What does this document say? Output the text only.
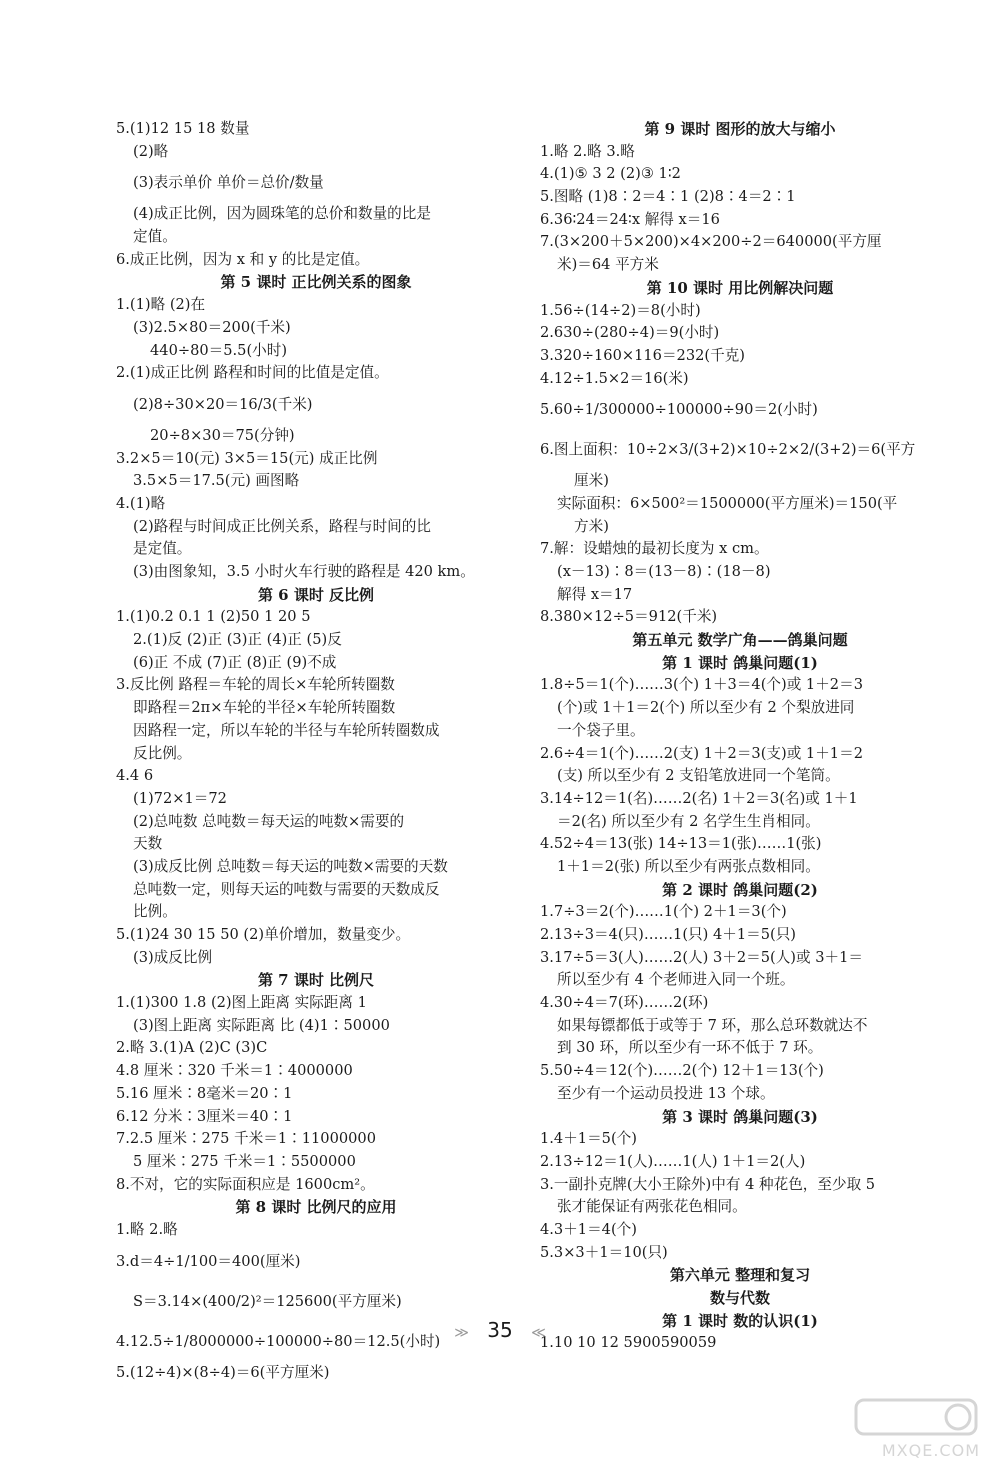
5.(1)12 15 18 数量
(2)略
(3)表示单价 单价＝总价/数量
(4)成正比例，因为圆珠笔的总价和数量的比是
定值。
6.成正比例，因为 x 和 y 的比是定值。
第 5 课时 正比例关系的图象
1.(1)略 (2)在
(3)2.5×80＝200(千米)
440÷80＝5.5(小时)
2.(1)成正比例 路程和时间的比值是定值。
(2)8÷30×20＝16/3(千米)
20÷8×30＝75(分钟)
3.2×5＝10(元) 3×5＝15(元) 成正比例
3.5×5＝17.5(元) 画图略
4.(1)略
(2)路程与时间成正比例关系，路程与时间的比
是定值。
(3)由图象知，3.5 小时火车行驶的路程是 420 km。
第 6 课时 反比例
1.(1)0.2 0.1 1 (2)50 1 20 5
2.(1)反 (2)正 (3)正 (4)正 (5)反
(6)正 不成 (7)正 (8)正 (9)不成
3.反比例 路程＝车轮的周长×车轮所转圈数
即路程＝2π×车轮的半径×车轮所转圈数
因路程一定，所以车轮的半径与车轮所转圈数成
反比例。
4.4 6
(1)72×1＝72
(2)总吨数 总吨数＝每天运的吨数×需要的
天数
(3)成反比例 总吨数＝每天运的吨数×需要的天数
总吨数一定，则每天运的吨数与需要的天数成反
比例。
5.(1)24 30 15 50 (2)单价增加，数量变少。
(3)成反比例
第 7 课时 比例尺
1.(1)300 1.8 (2)图上距离 实际距离 1
(3)图上距离 实际距离 比 (4)1∶50000
2.略 3.(1)A (2)C (3)C
4.8 厘米∶320 千米＝1∶4000000
5.16 厘米∶8毫米＝20∶1
6.12 分米∶3厘米＝40∶1
7.2.5 厘米∶275 千米＝1∶11000000
5 厘米∶275 千米＝1∶5500000
8.不对，它的实际面积应是 1600cm²。
第 8 课时 比例尺的应用
1.略 2.略
3.d＝4÷1/100＝400(厘米)
S＝3.14×(400/2)²＝125600(平方厘米)
4.12.5÷1/8000000÷100000÷80＝12.5(小时)
5.(12÷4)×(8÷4)＝6(平方厘米)
第 9 课时 图形的放大与缩小
1.略 2.略 3.略
4.(1)⑤ 3 2 (2)③ 1∶2
5.图略 (1)8∶2＝4∶1 (2)8∶4＝2∶1
6.36∶24＝24∶x 解得 x＝16
7.(3×200＋5×200)×4×200÷2＝640000(平方厘
米)＝64 平方米
第 10 课时 用比例解决问题
1.56÷(14÷2)＝8(小时)
2.630÷(280÷4)＝9(小时)
3.320÷160×116＝232(千克)
4.12÷1.5×2＝16(米)
5.60÷1/300000÷100000÷90＝2(小时)
6.图上面积：10÷2×3/(3+2)×10÷2×2/(3+2)＝6(平方
厘米)
实际面积：6×500²＝1500000(平方厘米)＝150(平
方米)
7.解：设蜡烛的最初长度为 x cm。
(x－13)∶8＝(13－8)∶(18－8)
解得 x＝17
8.380×12÷5＝912(千米)
第五单元 数学广角——鸽巢问题
第 1 课时 鸽巢问题(1)
1.8÷5＝1(个)……3(个) 1＋3＝4(个)或 1＋2＝3
(个)或 1＋1＝2(个) 所以至少有 2 个梨放进同
一个袋子里。
2.6÷4＝1(个)……2(支) 1＋2＝3(支)或 1＋1＝2
(支) 所以至少有 2 支铅笔放进同一个笔筒。
3.14÷12＝1(名)……2(名) 1＋2＝3(名)或 1＋1
＝2(名) 所以至少有 2 名学生生肖相同。
4.52÷4＝13(张) 14÷13＝1(张)……1(张)
1＋1＝2(张) 所以至少有两张点数相同。
第 2 课时 鸽巢问题(2)
1.7÷3＝2(个)……1(个) 2＋1＝3(个)
2.13÷3＝4(只)……1(只) 4＋1＝5(只)
3.17÷5＝3(人)……2(人) 3＋2＝5(人)或 3＋1＝
所以至少有 4 个老师进入同一个班。
4.30÷4＝7(环)……2(环)
如果每镖都低于或等于 7 环，那么总环数就达不
到 30 环，所以至少有一环不低于 7 环。
5.50÷4＝12(个)……2(个) 12＋1＝13(个)
至少有一个运动员投进 13 个球。
第 3 课时 鸽巢问题(3)
1.4＋1＝5(个)
2.13÷12＝1(人)……1(人) 1＋1＝2(人)
3.一副扑克牌(大小王除外)中有 4 种花色，至少取 5
张才能保证有两张花色相同。
4.3＋1＝4(个)
5.3×3＋1＝10(只)
第六单元 整理和复习
数与代数
第 1 课时 数的认识(1)
1.10 10 12 5900590059
≫ 35 ≪
MXQE.COM
